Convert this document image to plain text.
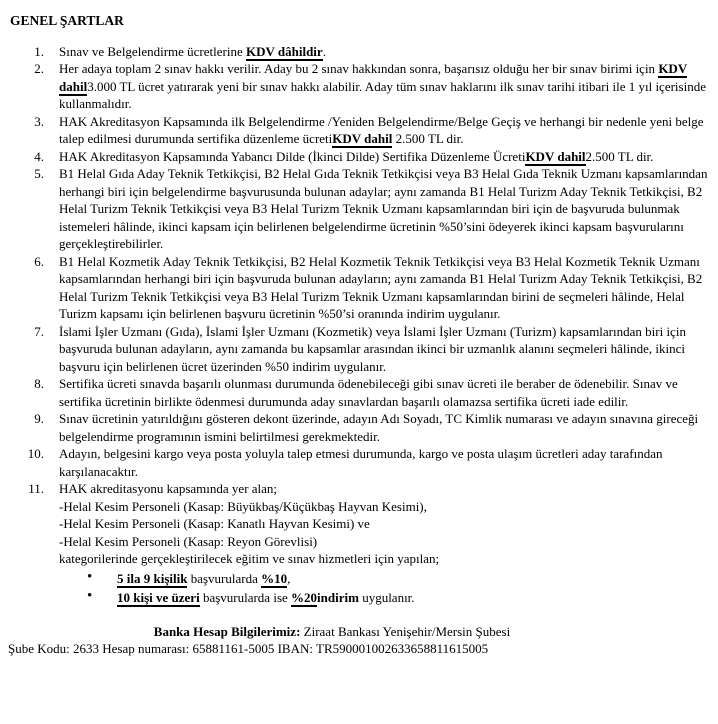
GENEL ŞARTLAR
1. Sınav ve Belgelendirme ücretlerine KDV dâhildir.
2. Her adaya toplam 2 sınav hakkı verilir. Aday bu 2 sınav hakkından sonra, başarısız olduğu her bir sınav birimi için KDV dahil3.000 TL ücret yatırarak yeni bir sınav hakkı alabilir. Aday tüm sınav haklarını ilk sınav tarihi itibari ile 1 yıl içerisinde kullanmalıdır.
3. HAK Akreditasyon Kapsamında ilk Belgelendirme /Yeniden Belgelendirme/Belge Geçiş ve herhangi bir nedenle yeni belge talep edilmesi durumunda sertifika düzenleme ücretiKDV dahil 2.500 TL dir.
4. HAK Akreditasyon Kapsamında Yabancı Dilde (İkinci Dilde) Sertifika Düzenleme ÜcretiKDV dahil2.500 TL dir.
5. B1 Helal Gıda Aday Teknik Tetkikçisi, B2 Helal Gıda Teknik Tetkikçisi veya B3 Helal Gıda Teknik Uzmanı kapsamlarından herhangi biri için belgelendirme başvurusunda bulunan adaylar; aynı zamanda B1 Helal Turizm Aday Teknik Tetkikçisi, B2 Helal Turizm Teknik Tetkikçisi veya B3 Helal Turizm Teknik Uzmanı kapsamlarından biri için de başvuruda bulunmak istemeleri hâlinde, ikinci kapsam için belirlenen belgelendirme ücretinin %50’sini ödeyerek ikinci kapsam başvurularını gerçekleştirebilirler.
6. B1 Helal Kozmetik Aday Teknik Tetkikçisi, B2 Helal Kozmetik Teknik Tetkikçisi veya B3 Helal Kozmetik Teknik Uzmanı kapsamlarından herhangi biri için başvuruda bulunan adayların; aynı zamanda B1 Helal Turizm Aday Teknik Tetkikçisi, B2 Helal Turizm Teknik Tetkikçisi veya B3 Helal Turizm Teknik Uzmanı kapsamlarından birini de seçmeleri hâlinde, Helal Turizm kapsamı için belirlenen başvuru ücretinin %50’si oranında indirim uygulanır.
7. İslami İşler Uzmanı (Gıda), İslami İşler Uzmanı (Kozmetik) veya İslami İşler Uzmanı (Turizm) kapsamlarından biri için başvuruda bulunan adayların, aynı zamanda bu kapsamlar arasından ikinci bir uzmanlık alanını seçmeleri hâlinde, ikinci başvuru için belirlenen ücret üzerinden %50 indirim uygulanır.
8. Sertifika ücreti sınavda başarılı olunması durumunda ödenebileceği gibi sınav ücreti ile beraber de ödenebilir. Sınav ve sertifika ücretinin birlikte ödenmesi durumunda aday sınavlardan başarılı olamazsa sertifika ücreti iade edilir.
9. Sınav ücretinin yatırıldığını gösteren dekont üzerinde, adayın Adı Soyadı, TC Kimlik numarası ve adayın sınavına gireceği belgelendirme programının ismini belirtilmesi gerekmektedir.
10. Adayın, belgesini kargo veya posta yoluyla talep etmesi durumunda, kargo ve posta ulaşım ücretleri aday tarafından karşılanacaktır.
11. HAK akreditasyonu kapsamında yer alan;
-Helal Kesim Personeli (Kasap: Büyükbaş/Küçükbaş Hayvan Kesimi),
-Helal Kesim Personeli (Kasap: Kanatlı Hayvan Kesimi) ve
-Helal Kesim Personeli (Kasap: Reyon Görevlisi)
kategorilerinde gerçekleştirilecek eğitim ve sınav hizmetleri için yapılan;
• 5 ila 9 kişilik başvurularda %10,
• 10 kişi ve üzeri başvurularda ise %20indirim uygulanır.
Banka Hesap Bilgilerimiz: Ziraat Bankası Yenişehir/Mersin Şubesi
Şube Kodu: 2633 Hesap numarası: 65881161-5005 IBAN: TR590001002633658811615005
